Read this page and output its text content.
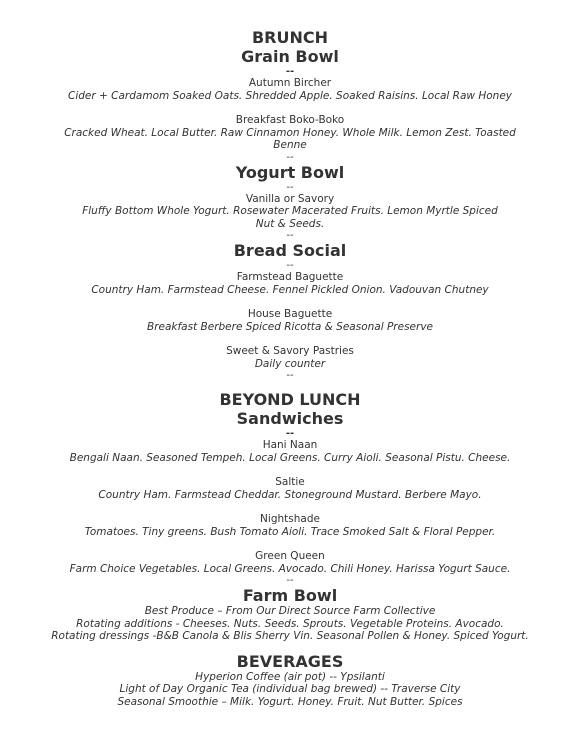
BRUNCH
Grain Bowl
--
Autumn Bircher
Cider + Cardamom Soaked Oats. Shredded Apple. Soaked Raisins. Local Raw Honey
Breakfast Boko-Boko
Cracked Wheat. Local Butter. Raw Cinnamon Honey. Whole Milk. Lemon Zest. Toasted Benne
--
Yogurt Bowl
--
Vanilla or Savory
Fluffy Bottom Whole Yogurt. Rosewater Macerated Fruits. Lemon Myrtle Spiced Nut & Seeds.
--
Bread Social
--
Farmstead Baguette
Country Ham. Farmstead Cheese. Fennel Pickled Onion. Vadouvan Chutney
House Baguette
Breakfast Berbere Spiced Ricotta & Seasonal Preserve
Sweet & Savory Pastries
Daily counter
--
BEYOND LUNCH
Sandwiches
--
Hani Naan
Bengali Naan. Seasoned Tempeh. Local Greens. Curry Aioli. Seasonal Pistu. Cheese.
Saltie
Country Ham. Farmstead Cheddar. Stoneground Mustard. Berbere Mayo.
Nightshade
Tomatoes. Tiny greens. Bush Tomato Aioli. Trace Smoked Salt & Floral Pepper.
Green Queen
Farm Choice Vegetables. Local Greens. Avocado. Chili Honey. Harissa Yogurt Sauce.
--
Farm Bowl
Best Produce – From Our Direct Source Farm Collective
Rotating additions - Cheeses. Nuts. Seeds. Sprouts. Vegetable Proteins. Avocado.
Rotating dressings -B&B Canola & Blis Sherry Vin. Seasonal Pollen & Honey. Spiced Yogurt.
BEVERAGES
Hyperion Coffee (air pot) -- Ypsilanti
Light of Day Organic Tea (individual bag brewed) -- Traverse City
Seasonal Smoothie – Milk. Yogurt. Honey. Fruit. Nut Butter. Spices
